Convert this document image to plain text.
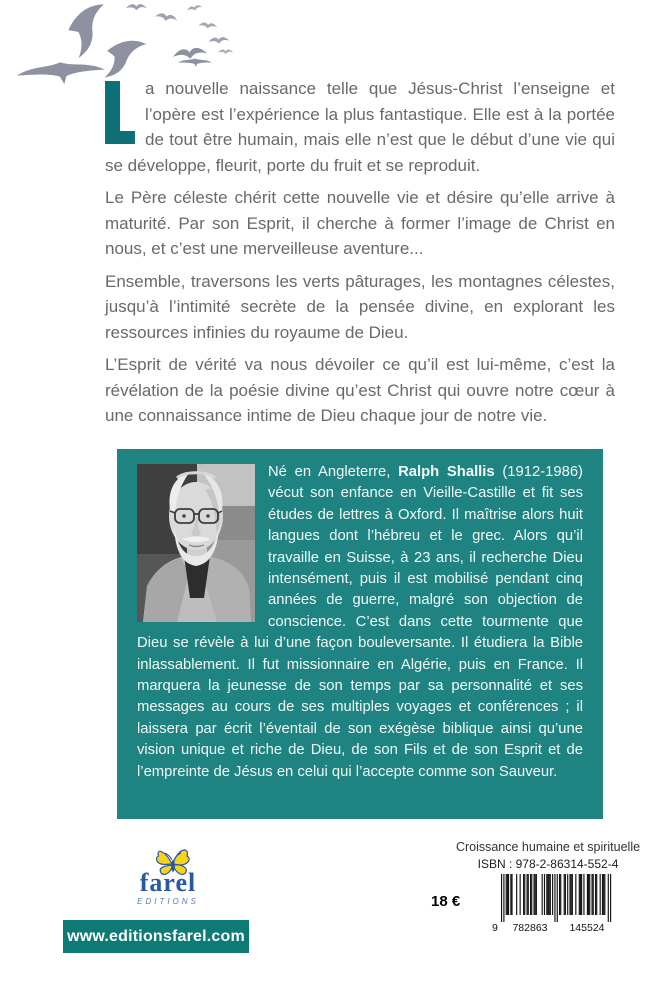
a nouvelle naissance telle que Jésus-Christ l’enseigne et l’opère est l’expérience la plus fantastique. Elle est à la portée de tout être humain, mais elle n’est que le début d’une vie qui se développe, fleurit, porte du fruit et se reproduit.

Le Père céleste chérit cette nouvelle vie et désire qu’elle arrive à maturité. Par son Esprit, il cherche à former l’image de Christ en nous, et c’est une merveilleuse aventure...

Ensemble, traversons les verts pâturages, les montagnes célestes, jusqu’à l’intimité secrète de la pensée divine, en explorant les ressources infinies du royaume de Dieu.

L’Esprit de vérité va nous dévoiler ce qu’il est lui-même, c’est la révélation de la poésie divine qu’est Christ qui ouvre notre cœur à une connaissance intime de Dieu chaque jour de notre vie.

Né en Angleterre, Ralph Shallis (1912-1986) vécut son enfance en Vieille-Castille et fit ses études de lettres à Oxford. Il maîtrise alors huit langues dont l’hébreu et le grec. Alors qu’il travaille en Suisse, à 23 ans, il recherche Dieu intensément, puis il est mobilisé pendant cinq années de guerre, malgré son objection de conscience. C’est dans cette tourmente que Dieu se révèle à lui d’une façon bouleversante. Il étudiera la Bible inlassablement. Il fut missionnaire en Algérie, puis en France. Il marquera la jeunesse de son temps par sa personnalité et ses messages au cours de ses multiples voyages et conférences ; il laissera par écrit l’éventail de son exégèse biblique ainsi qu’une vision unique et riche de Dieu, de son Fils et de son Esprit et de l’empreinte de Jésus en celui qui l’accepte comme son Sauveur.
farel
EDITIONS
www.editionsfarel.com
Croissance humaine et spirituelle
ISBN : 978-2-86314-552-4
18 €
9	782863	145524
